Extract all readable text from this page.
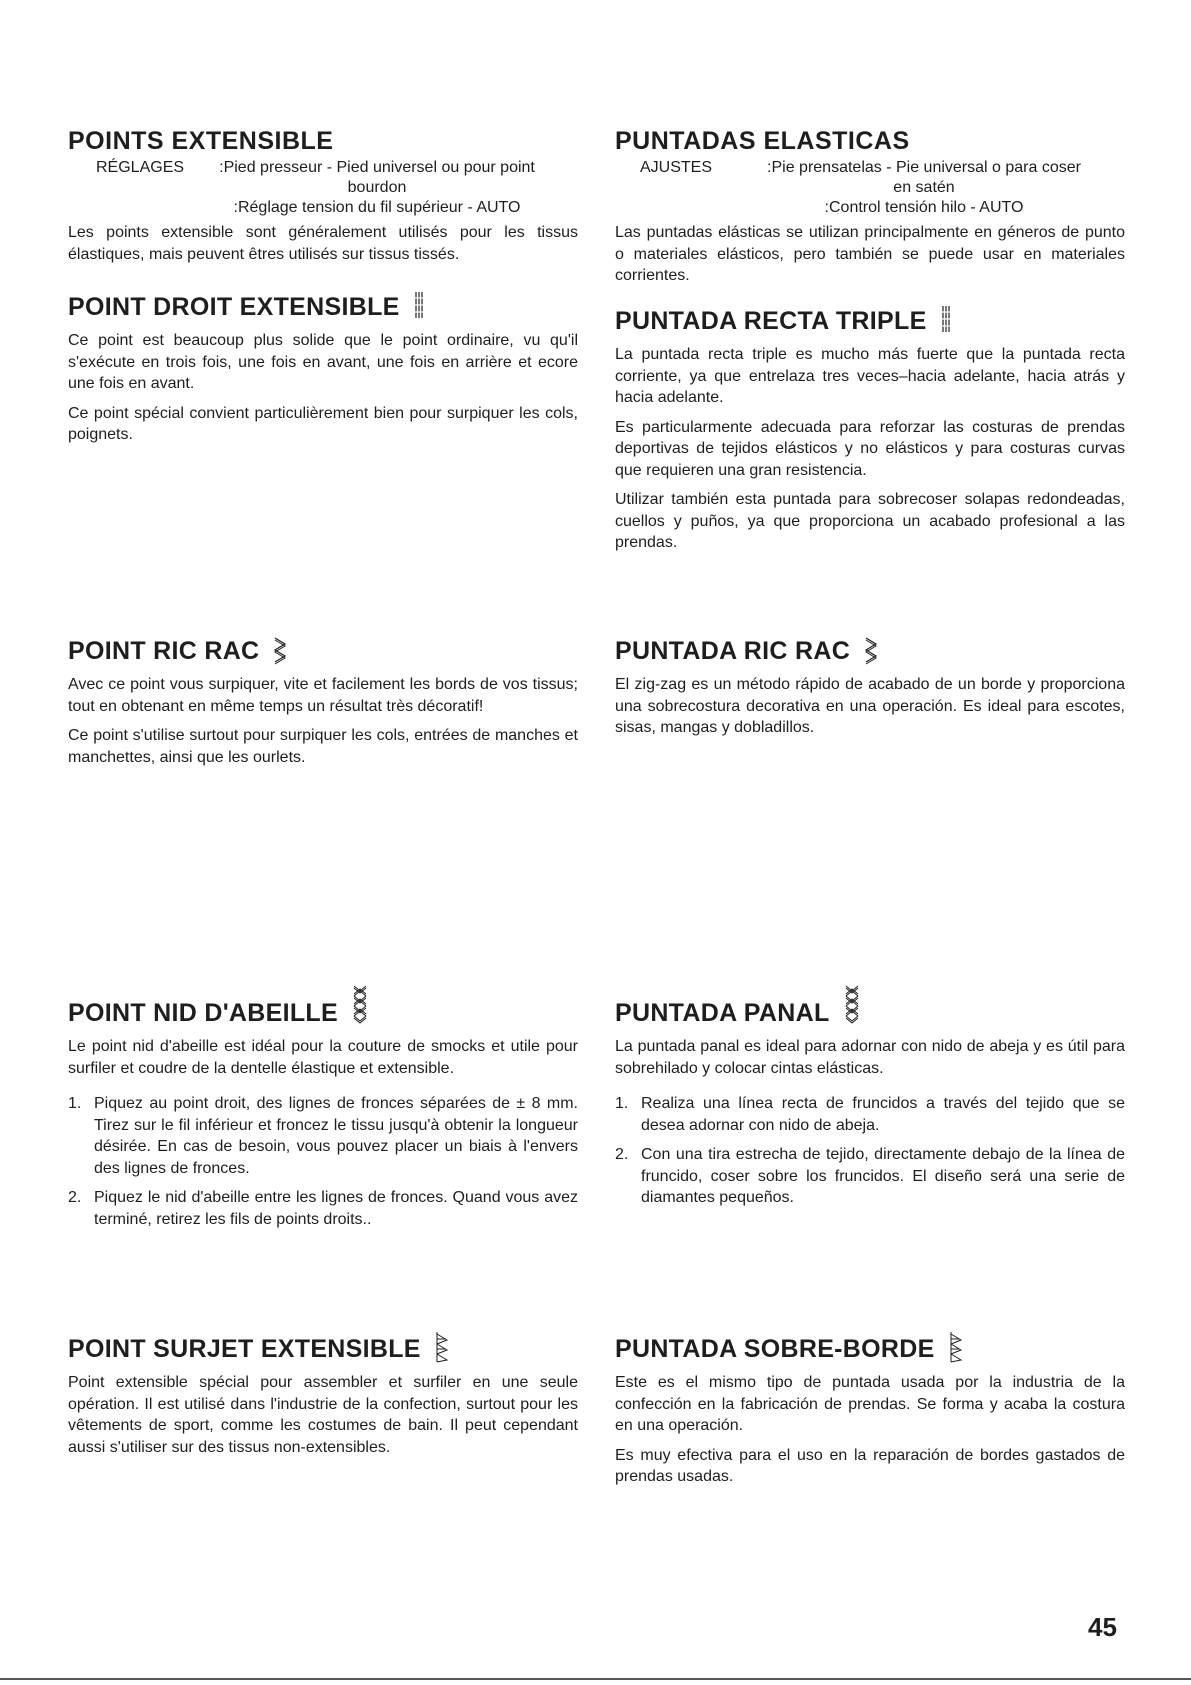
POINTS EXTENSIBLE
RÉGLAGES	:Pied presseur - Pied universel ou pour point
bourdon
:Réglage tension du fil supérieur - AUTO

Les points extensible sont généralement utilisés pour les tissus élastiques, mais peuvent êtres utilisés sur tissus tissés.

POINT DROIT EXTENSIBLE

Ce point est beaucoup plus solide que le point ordinaire, vu qu'il s'exécute en trois fois, une fois en avant, une fois en arrière et ecore une fois en avant.

Ce point spécial convient particulièrement bien pour surpiquer les cols, poignets.

POINT RIC RAC

Avec ce point vous surpiquer, vite et facilement les bords de vos tissus; tout en obtenant en même temps un résultat très décoratif!

Ce point s'utilise surtout pour surpiquer les cols, entrées de manches et manchettes, ainsi que les ourlets.

POINT NID D'ABEILLE

Le point nid d'abeille est idéal pour la couture de smocks et utile pour surfiler et coudre de la dentelle élastique et extensible.

1. Piquez au point droit, des lignes de fronces séparées de ± 8 mm. Tirez sur le fil inférieur et froncez le tissu jusqu'à obtenir la longueur désirée. En cas de besoin, vous pouvez placer un biais à l'envers des lignes de fronces.
2. Piquez le nid d'abeille entre les lignes de fronces. Quand vous avez terminé, retirez les fils de points droits..
POINT SURJET EXTENSIBLE

Point extensible spécial pour assembler et surfiler en une seule opération. Il est utilisé dans l'industrie de la confection, surtout pour les vêtements de sport, comme les costumes de bain. Il peut cependant aussi s'utiliser sur des tissus non-extensibles.

PUNTADAS ELASTICAS
AJUSTES	:Pie prensatelas - Pie universal o para coser
en satén
:Control tensión hilo - AUTO

Las puntadas elásticas se utilizan principalmente en géneros de punto o materiales elásticos, pero también se puede usar en materiales corrientes.

PUNTADA RECTA TRIPLE

La puntada recta triple es mucho más fuerte que la puntada recta corriente, ya que entrelaza tres veces–hacia adelante, hacia atrás y hacia adelante.

Es particularmente adecuada para reforzar las costuras de prendas deportivas de tejidos elásticos y no elásticos y para costuras curvas que requieren una gran resistencia.

Utilizar también esta puntada para sobrecoser solapas redondeadas, cuellos y puños, ya que proporciona un acabado profesional a las prendas.

PUNTADA RIC RAC

El zig-zag es un método rápido de acabado de un borde y proporciona una sobrecostura decorativa en una operación. Es ideal para escotes, sisas, mangas y dobladillos.

PUNTADA PANAL

La puntada panal es ideal para adornar con nido de abeja y es útil para sobrehilado y colocar cintas elásticas.

1. Realiza una línea recta de fruncidos a través del tejido que se desea adornar con nido de abeja.
2. Con una tira estrecha de tejido, directamente debajo de la línea de fruncido, coser sobre los fruncidos. El diseño será una serie de diamantes pequeños.
PUNTADA SOBRE-BORDE

Este es el mismo tipo de puntada usada por la industria de la confección en la fabricación de prendas. Se forma y acaba la costura en una operación.

Es muy efectiva para el uso en la reparación de bordes gastados de prendas usadas.

45
